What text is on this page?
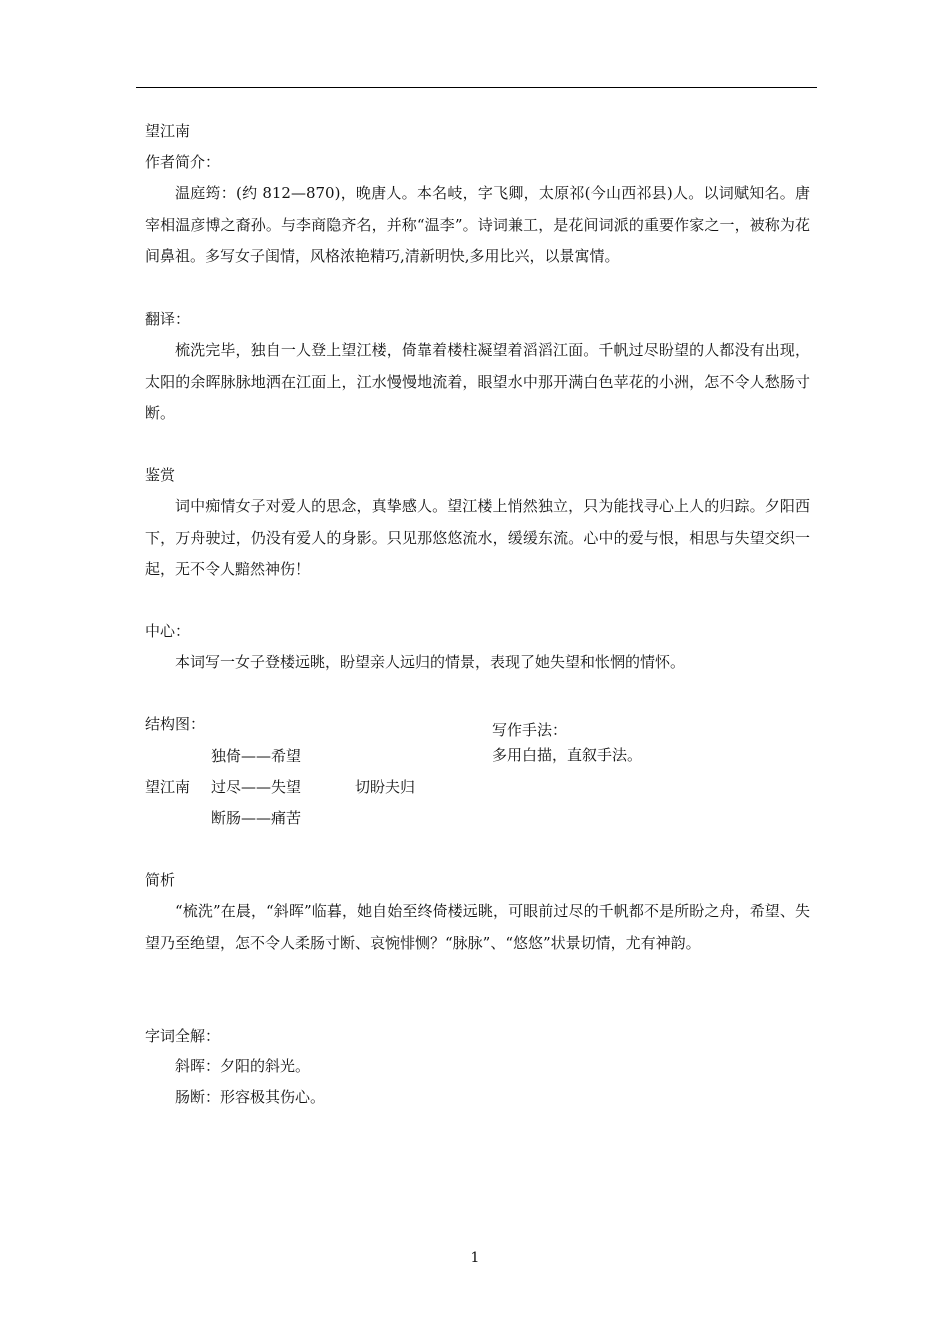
望江南
作者简介：
温庭筠：(约 812—870)，晚唐人。本名岐，字飞卿，太原祁(今山西祁县)人。以词赋知名。唐宰相温彦博之裔孙。与李商隐齐名，并称“温李”。诗词兼工，是花间词派的重要作家之一，被称为花间鼻祖。多写女子闺情，风格浓艳精巧,清新明快,多用比兴，以景寓情。
翻译：
梳洗完毕，独自一人登上望江楼，倚靠着楼柱凝望着滔滔江面。千帆过尽盼望的人都没有出现，太阳的余晖脉脉地洒在江面上，江水慢慢地流着，眼望水中那开满白色苹花的小洲，怎不令人愁肠寸断。
鉴赏
词中痴情女子对爱人的思念，真挚感人。望江楼上悄然独立，只为能找寻心上人的归踪。夕阳西下，万舟驶过，仍没有爱人的身影。只见那悠悠流水，缓缓东流。心中的爱与恨，相思与失望交织一起，无不令人黯然神伤！
中心：
本词写一女子登楼远眺，盼望亲人远归的情景，表现了她失望和怅惘的情怀。
结构图：
独倚——希望
望江南 过尽——失望	切盼夫归
断肠——痛苦
写作手法：
多用白描，直叙手法。
简析
“梳洗”在晨，“斜晖”临暮，她自始至终倚楼远眺，可眼前过尽的千帆都不是所盼之舟，希望、失望乃至绝望，怎不令人柔肠寸断、哀惋悱恻？“脉脉”、“悠悠”状景切情，尤有神韵。
字词全解：
斜晖：夕阳的斜光。
肠断：形容极其伤心。
1
